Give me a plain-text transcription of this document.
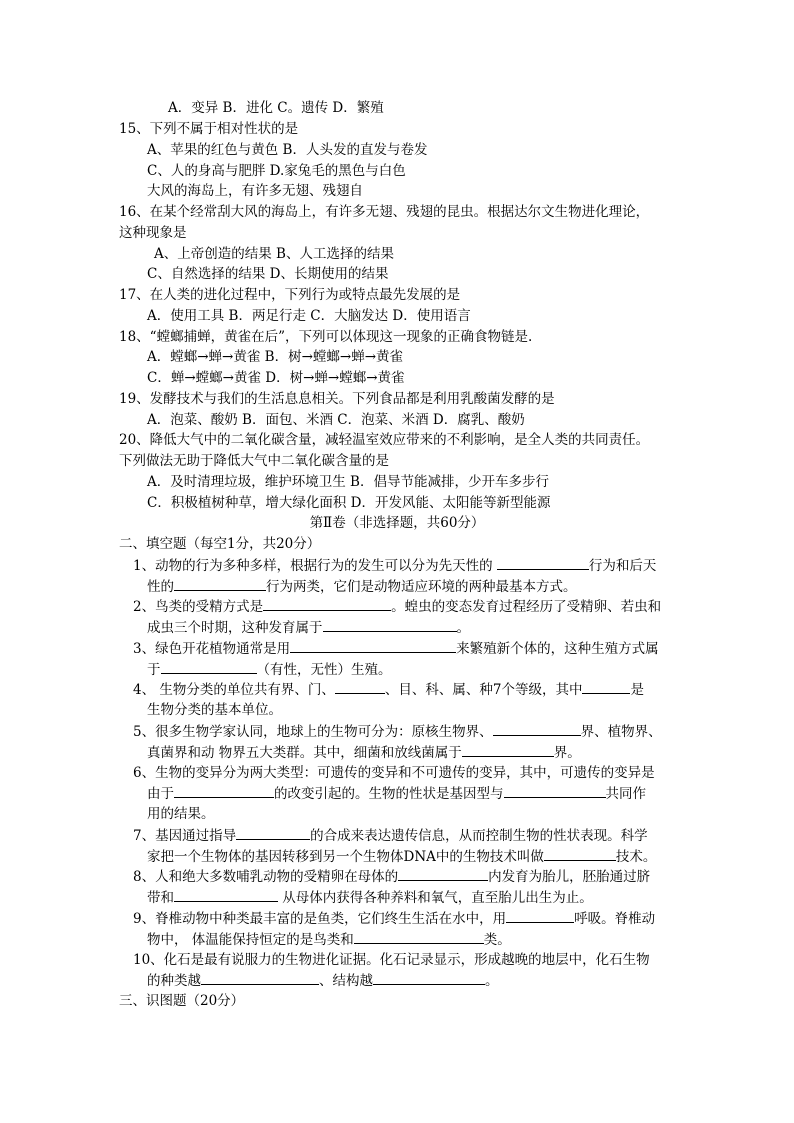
A．变异 B．进化 C。遗传 D．繁殖
15、下列不属于相对性状的是
A、苹果的红色与黄色 B．人头发的直发与卷发
C、人的身高与肥胖 D.家兔毛的黑色与白色
大风的海岛上，有许多无翅、残翅自
16、在某个经常刮大风的海岛上，有许多无翅、残翅的昆虫。根据达尔文生物进化理论，
这种现象是
A、上帝创造的结果 B、人工选择的结果
C、自然选择的结果 D、长期使用的结果
17、在人类的进化过程中，下列行为或特点最先发展的是
A．使用工具 B．两足行走 C．大脑发达 D．使用语言
18、“螳螂捕蝉，黄雀在后”，下列可以体现这一现象的正确食物链是.
A．螳螂→蝉→黄雀 B．树→螳螂→蝉→黄雀
C．蝉→螳螂→黄雀 D．树→蝉→螳螂→黄雀
19、发酵技术与我们的生活息息相关。下列食品都是利用乳酸菌发酵的是
A．泡菜、酸奶 B．面包、米酒 C．泡菜、米酒 D．腐乳、酸奶
20、降低大气中的二氧化碳含量，减轻温室效应带来的不利影响，是全人类的共同责任。
下列做法无助于降低大气中二氧化碳含量的是
A．及时清理垃圾，维护环境卫生 B．倡导节能减排，少开车多步行
C．积极植树种草，增大绿化面积 D．开发风能、太阳能等新型能源
第Ⅱ卷（非选择题，共60分）
二、填空题（每空1分，共20分）
1、动物的行为多种多样，根据行为的发生可以分为先天性的	行为和后天
性的	行为两类，它们是动物适应环境的两种最基本方式。
2、鸟类的受精方式是	。蝗虫的变态发育过程经历了受精卵、若虫和
成虫三个时期，这种发育属于	。
3、绿色开花植物通常是用	来繁殖新个体的，这种生殖方式属
于	（有性，无性）生殖。
4、 生物分类的单位共有界、门、	、目、科、属、种7个等级，其中	是
生物分类的基本单位。
5、很多生物学家认同，地球上的生物可分为：原核生物界、	界、植物界、
真菌界和动 物界五大类群。其中，细菌和放线菌属于	界。
6、生物的变异分为两大类型：可遗传的变异和不可遗传的变异，其中，可遗传的变异是
由于	的改变引起的。生物的性状是基因型与	共同作
用的结果。
7、基因通过指导	的合成来表达遗传信息，从而控制生物的性状表现。科学
家把一个生物体的基因转移到另一个生物体DNA中的生物技术叫做	技术。
8、人和绝大多数哺乳动物的受精卵在母体的	内发育为胎儿，胚胎通过脐
带和	从母体内获得各种养料和氧气，直至胎儿出生为止。
9、脊椎动物中种类最丰富的是鱼类，它们终生生活在水中，用	呼吸。脊椎动
物中， 体温能保持恒定的是鸟类和	类。
10、化石是最有说服力的生物进化证据。化石记录显示，形成越晚的地层中，化石生物
的种类越	、结构越	。
三、识图题（20分）
